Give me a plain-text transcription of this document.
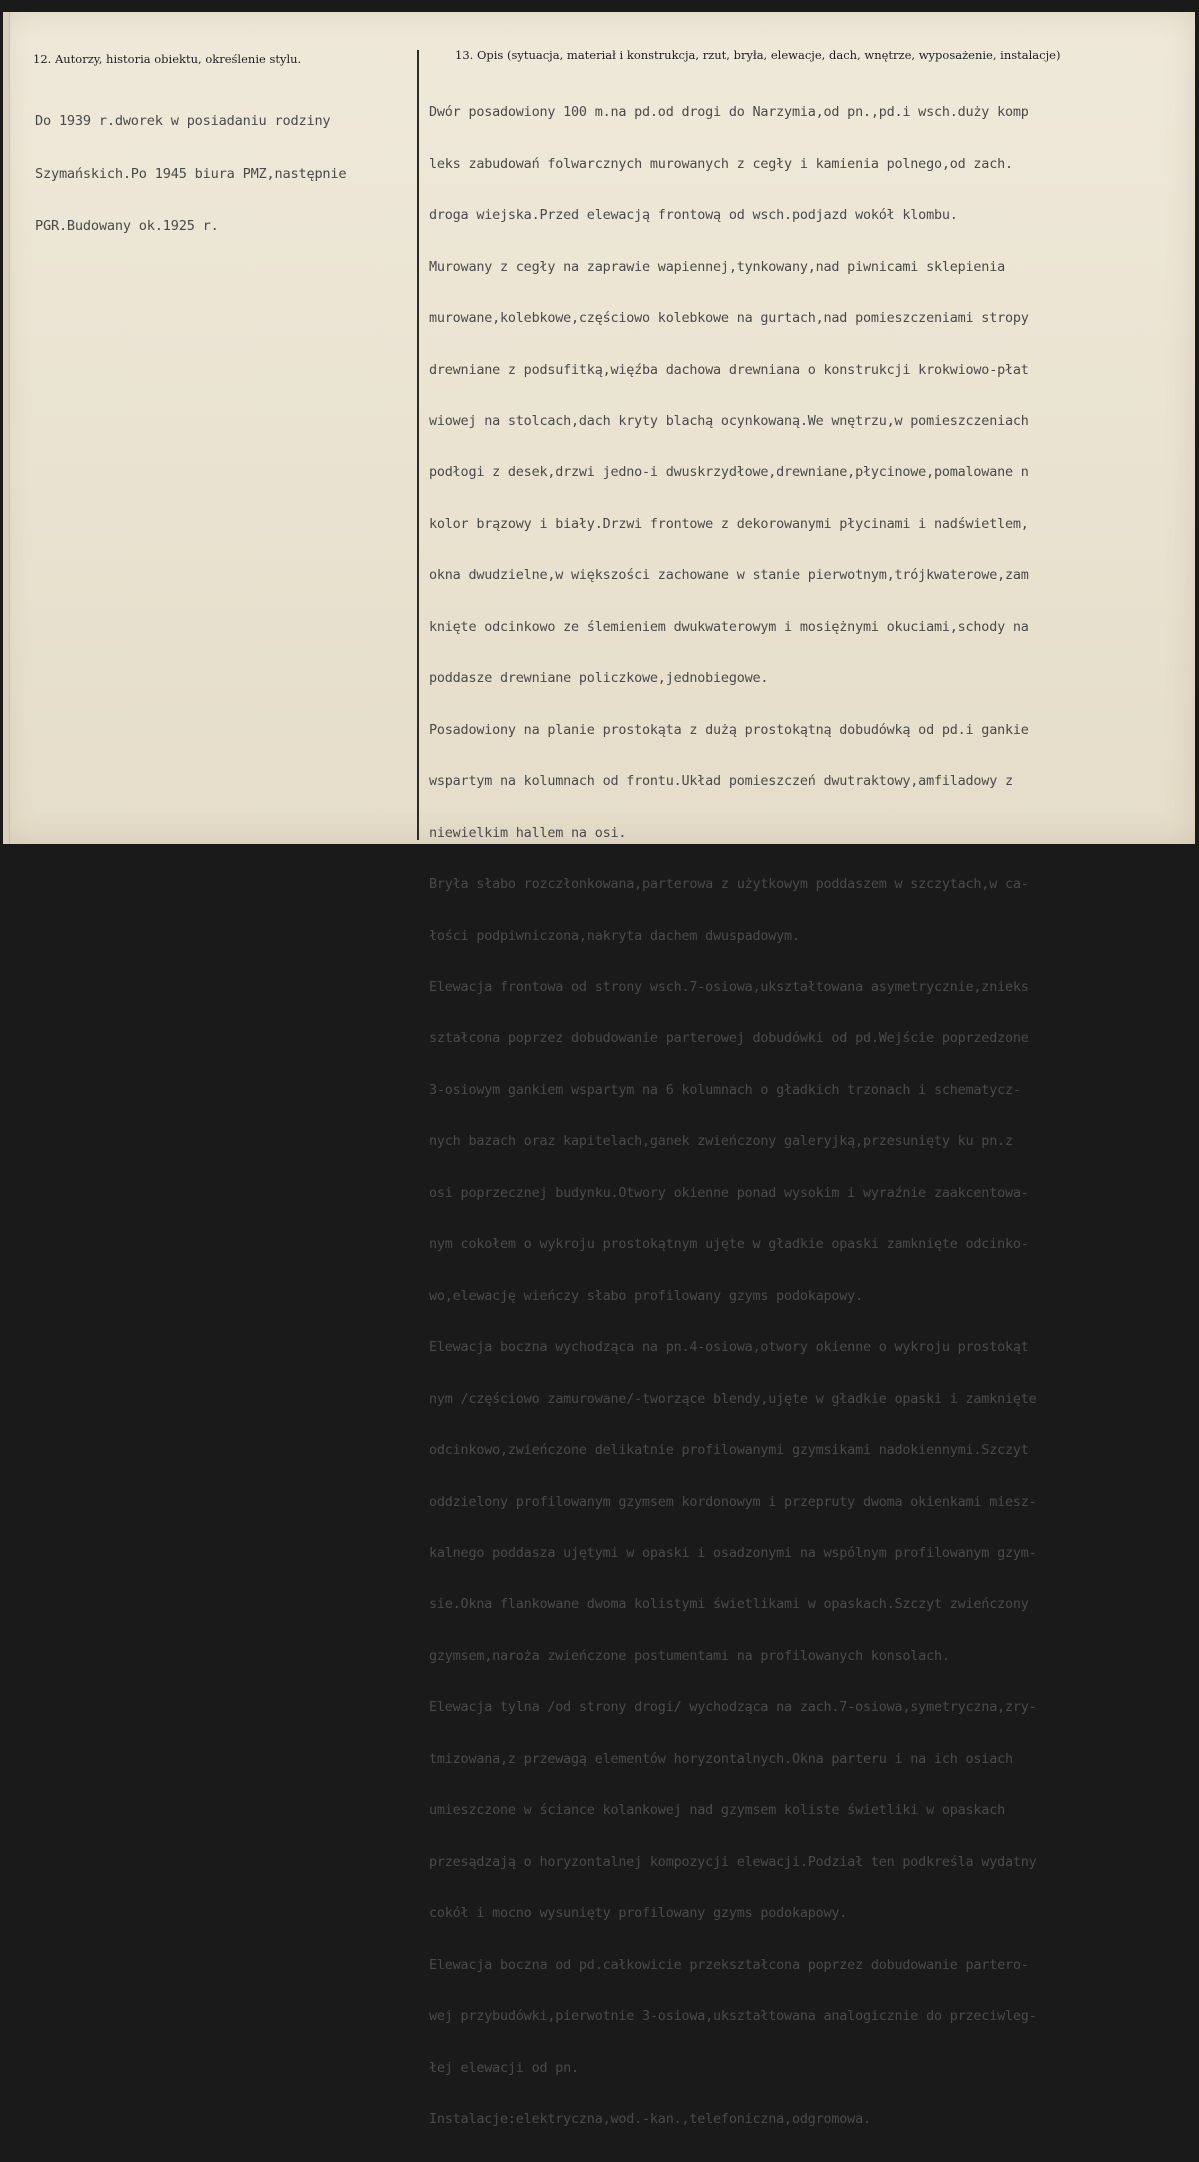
12. Autorzy, historia obiektu, określenie stylu.	13. Opis (sytuacja, materiał i konstrukcja, rzut, bryła, elewacje, dach, wnętrze, wyposażenie, instalacje)

Do 1939 r.dworek w posiadaniu rodziny

Szymańskich.Po 1945 biura PMZ,następnie

PGR.Budowany ok.1925 r.

Dwór posadowiony 100 m.na pd.od drogi do Narzymia,od pn.,pd.i wsch.duży komp

leks zabudowań folwarcznych murowanych z cegły i kamienia polnego,od zach.

droga wiejska.Przed elewacją frontową od wsch.podjazd wokół klombu.

Murowany z cegły na zaprawie wapiennej,tynkowany,nad piwnicami sklepienia

murowane,kolebkowe,częściowo kolebkowe na gurtach,nad pomieszczeniami stropy

drewniane z podsufitką,więźba dachowa drewniana o konstrukcji krokwiowo-płat

wiowej na stolcach,dach kryty blachą ocynkowaną.We wnętrzu,w pomieszczeniach

podłogi z desek,drzwi jedno-i dwuskrzydłowe,drewniane,płycinowe,pomalowane n

kolor brązowy i biały.Drzwi frontowe z dekorowanymi płycinami i nadświetlem,

okna dwudzielne,w większości zachowane w stanie pierwotnym,trójkwaterowe,zam

knięte odcinkowo ze ślemieniem dwukwaterowym i mosiężnymi okuciami,schody na

poddasze drewniane policzkowe,jednobiegowe.

Posadowiony na planie prostokąta z dużą prostokątną dobudówką od pd.i gankie

wspartym na kolumnach od frontu.Układ pomieszczeń dwutraktowy,amfiladowy z

niewielkim hallem na osi.

Bryła słabo rozczłonkowana,parterowa z użytkowym poddaszem w szczytach,w ca-

łości podpiwniczona,nakryta dachem dwuspadowym.

Elewacja frontowa od strony wsch.7-osiowa,ukształtowana asymetrycznie,znieks

ształcona poprzez dobudowanie parterowej dobudówki od pd.Wejście poprzedzone

3-osiowym gankiem wspartym na 6 kolumnach o gładkich trzonach i schematycz-

nych bazach oraz kapitelach,ganek zwieńczony galeryjką,przesunięty ku pn.z

osi poprzecznej budynku.Otwory okienne ponad wysokim i wyraźnie zaakcentowa-

nym cokołem o wykroju prostokątnym ujęte w gładkie opaski zamknięte odcinko-

wo,elewację wieńczy słabo profilowany gzyms podokapowy.

Elewacja boczna wychodząca na pn.4-osiowa,otwory okienne o wykroju prostokąt

nym /częściowo zamurowane/-tworzące blendy,ujęte w gładkie opaski i zamknięte

odcinkowo,zwieńczone delikatnie profilowanymi gzymsikami nadokiennymi.Szczyt

oddzielony profilowanym gzymsem kordonowym i przepruty dwoma okienkami miesz-

kalnego poddasza ujętymi w opaski i osadzonymi na wspólnym profilowanym gzym-

sie.Okna flankowane dwoma kolistymi świetlikami w opaskach.Szczyt zwieńczony

gzymsem,naroża zwieńczone postumentami na profilowanych konsolach.

Elewacja tylna /od strony drogi/ wychodząca na zach.7-osiowa,symetryczna,zry-

tmizowana,z przewagą elementów horyzontalnych.Okna parteru i na ich osiach

umieszczone w ściance kolankowej nad gzymsem koliste świetliki w opaskach

przesądzają o horyzontalnej kompozycji elewacji.Podział ten podkreśla wydatny

cokół i mocno wysunięty profilowany gzyms podokapowy.

Elewacja boczna od pd.całkowicie przekształcona poprzez dobudowanie partero-

wej przybudówki,pierwotnie 3-osiowa,ukształtowana analogicznie do przeciwleg-

łej elewacji od pn.

Instalacje:elektryczna,wod.-kan.,telefoniczna,odgromowa.
